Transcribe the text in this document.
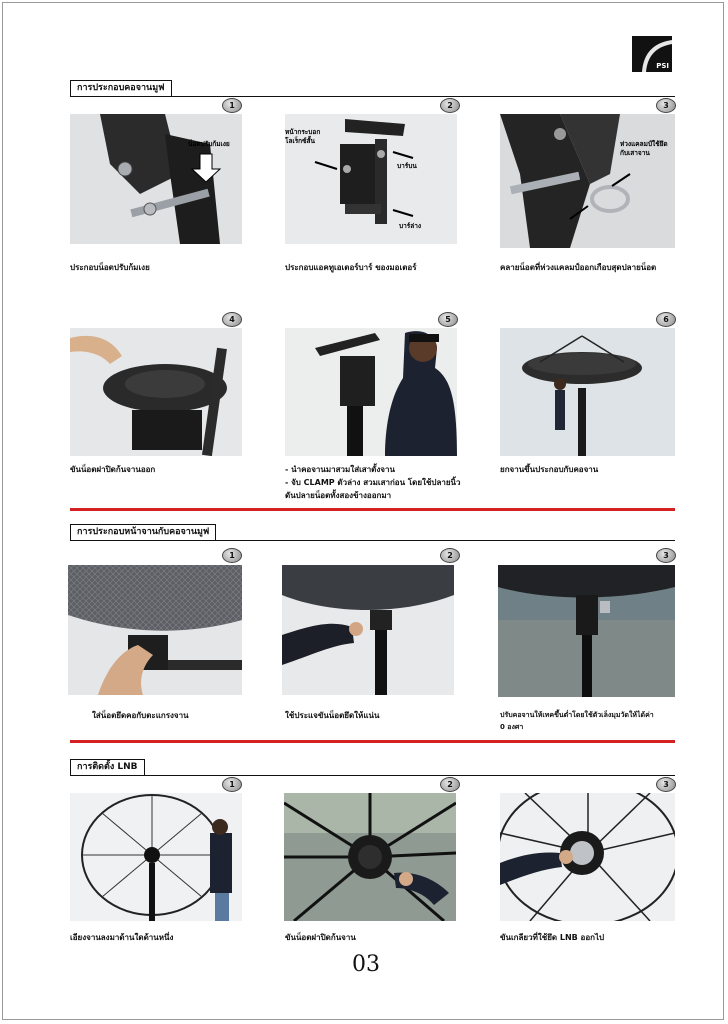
PSI
การประกอบคอจานมูฟ
1
น็อตปรับก้มเงย
ประกอบน็อตปรับก้มเงย
2
หน้ากระบอก
โลเร็กซ์สั้น
บาร์บน
บาร์ล่าง
ประกอบแอคทูเอเตอร์บาร์ ของมอเตอร์
3
ห่วงแคลมป์ใช้ยึด
กับเสาจาน
คลายน็อตที่ห่วงแคลมป์ออกเกือบสุดปลายน็อต
4
ขันน็อตฝาปิดก้นจานออก
5
- นำคอจานมาสวมใส่เสาตั้งจาน
- จับ CLAMP ตัวล่าง สวมเสาก่อน โดยใช้ปลายนิ้ว
ดันปลายน็อตทั้งสองข้างออกมา
6
ยกจานขึ้นประกอบกับคอจาน
การประกอบหน้าจานกับคอจานมูฟ
1
ใส่น็อตยึดคอกับตะแกรงจาน
2
ใช้ประแจขันน็อตยึดให้แน่น
3
ปรับคอจานให้เทคขึ้นต่ำโดยใช้ตัวเล็งมุมวัดให้ได้ค่า
0 องศา
การติดตั้ง LNB
1
เอียงจานลงมาด้านใดด้านหนึ่ง
2
ขันน็อตฝาปิดก้นจาน
3
ขันเกลียวที่ใช้ยึด LNB ออกไป
03
